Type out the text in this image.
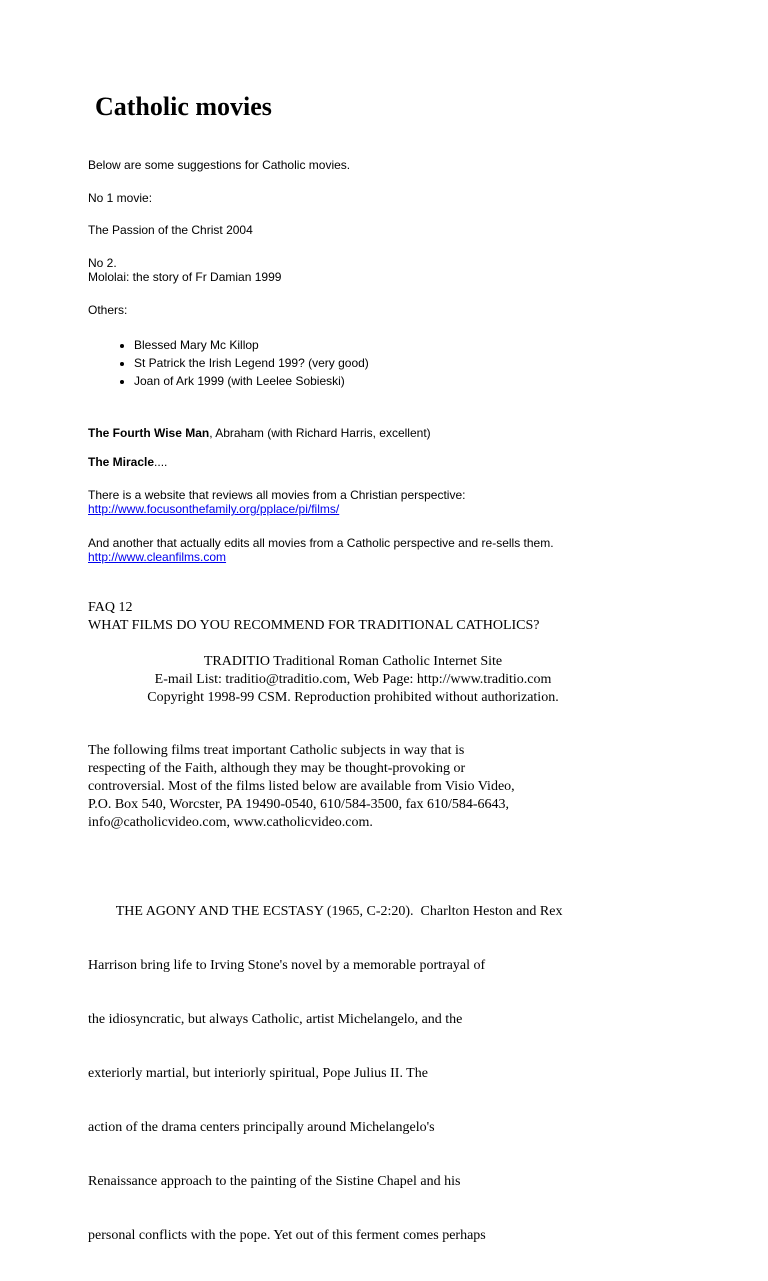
Catholic movies

Below are some suggestions for Catholic movies.

No 1 movie:

The Passion of the Christ 2004

No 2.

Mololai: the story of Fr Damian 1999

Others:

• Blessed Mary Mc Killop
• St Patrick the Irish Legend 199? (very good)
• Joan of Ark 1999 (with Leelee Sobieski)

The Fourth Wise Man, Abraham (with Richard Harris, excellent)

The Miracle....

There is a website that reviews all movies from a Christian perspective:

http://www.focusonthefamily.org/pplace/pi/films/

And another that actually edits all movies from a Catholic perspective and re-sells them.

http://www.cleanfilms.com

FAQ 12

WHAT FILMS DO YOU RECOMMEND FOR TRADITIONAL CATHOLICS?

TRADITIO Traditional Roman Catholic Internet Site
E-mail List: traditio@traditio.com, Web Page: http://www.traditio.com
Copyright 1998-99 CSM. Reproduction prohibited without authorization.
The following films treat important Catholic subjects in way that is
respecting of the Faith, although they may be thought-provoking or
controversial. Most of the films listed below are available from Visio Video,
P.O. Box 540, Worcster, PA 19490-0540, 610/584-3500, fax 610/584-6643,
info@catholicvideo.com, www.catholicvideo.com.

THE AGONY AND THE ECSTASY (1965, C-2:20).  Charlton Heston and Rex

Harrison bring life to Irving Stone's novel by a memorable portrayal of

the idiosyncratic, but always Catholic, artist Michelangelo, and the

exteriorly martial, but interiorly spiritual, Pope Julius II. The

action of the drama centers principally around Michelangelo's

Renaissance approach to the painting of the Sistine Chapel and his

personal conflicts with the pope. Yet out of this ferment comes perhaps
